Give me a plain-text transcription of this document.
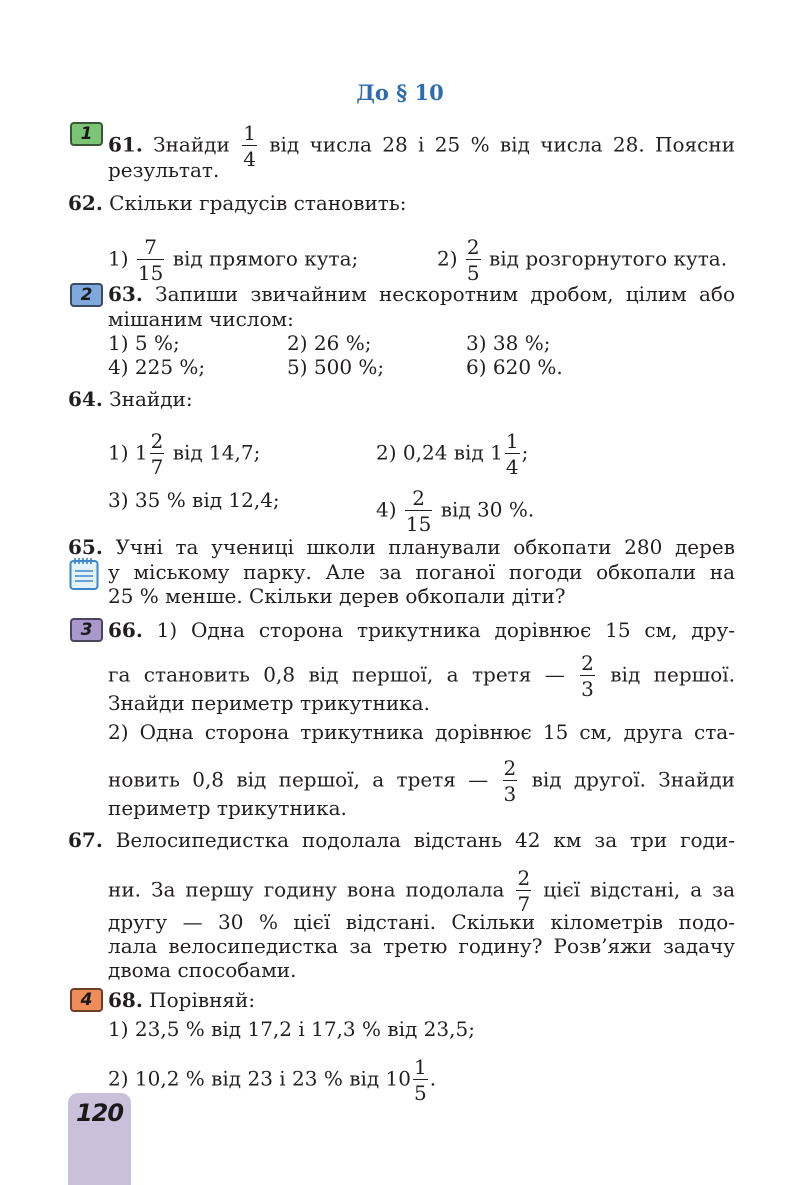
До § 10
1 61. Знайди $\frac{1}{4}$ від числа 28 і 25 % від числа 28. Поясни
результат.
62. Скільки градусів становить:
$1) \frac{7}{15}$ від прямого кута;	$2) \frac{2}{5}$ від розгорнутого кута.
2 63. Запиши звичайним нескоротним дробом, цілим або
мішаним числом:
1) 5 %;	2) 26 %;	3) 38 %;
4) 225 %;	5) 500 %;	6) 620 %.
64. Знайди:
1) $1 \frac{2}{7}$ від 14,7;	2) 0,24 від $1 \frac{1}{4}$ ;
3) 35 % від 12,4;	$4) \frac{2}{15}$ від 30 %.
65. Учні та учениці школи планували обкопати 280 дерев
у міському парку. Але за поганої погоди обкопали на
25 % менше. Скільки дерев обкопали діти?
3 66. 1) Одна сторона трикутника дорівнює 15 см, дру-
га становить 0,8 від першої, а третя — $\frac{2}{3}$ від першої.
Знайди периметр трикутника.
2) Одна сторона трикутника дорівнює 15 см, друга ста-
новить 0,8 від першої, а третя — $\frac{2}{3}$ від другої. Знайди
периметр трикутника.
67. Велосипедистка подолала відстань 42 км за три годи-
ни. За першу годину вона подолала $\frac{2}{7}$ цієї відстані, а за
другу — 30 % цієї відстані. Скільки кілометрів подо-
лала велосипедистка за третю годину? Розв’яжи задачу
двома способами.
4 68. Порівняй:
1) 23,5 % від 17,2 і 17,3 % від 23,5;
2) 10,2 % від 23 і 23 % від $10 \frac{1}{5}$ .
120
